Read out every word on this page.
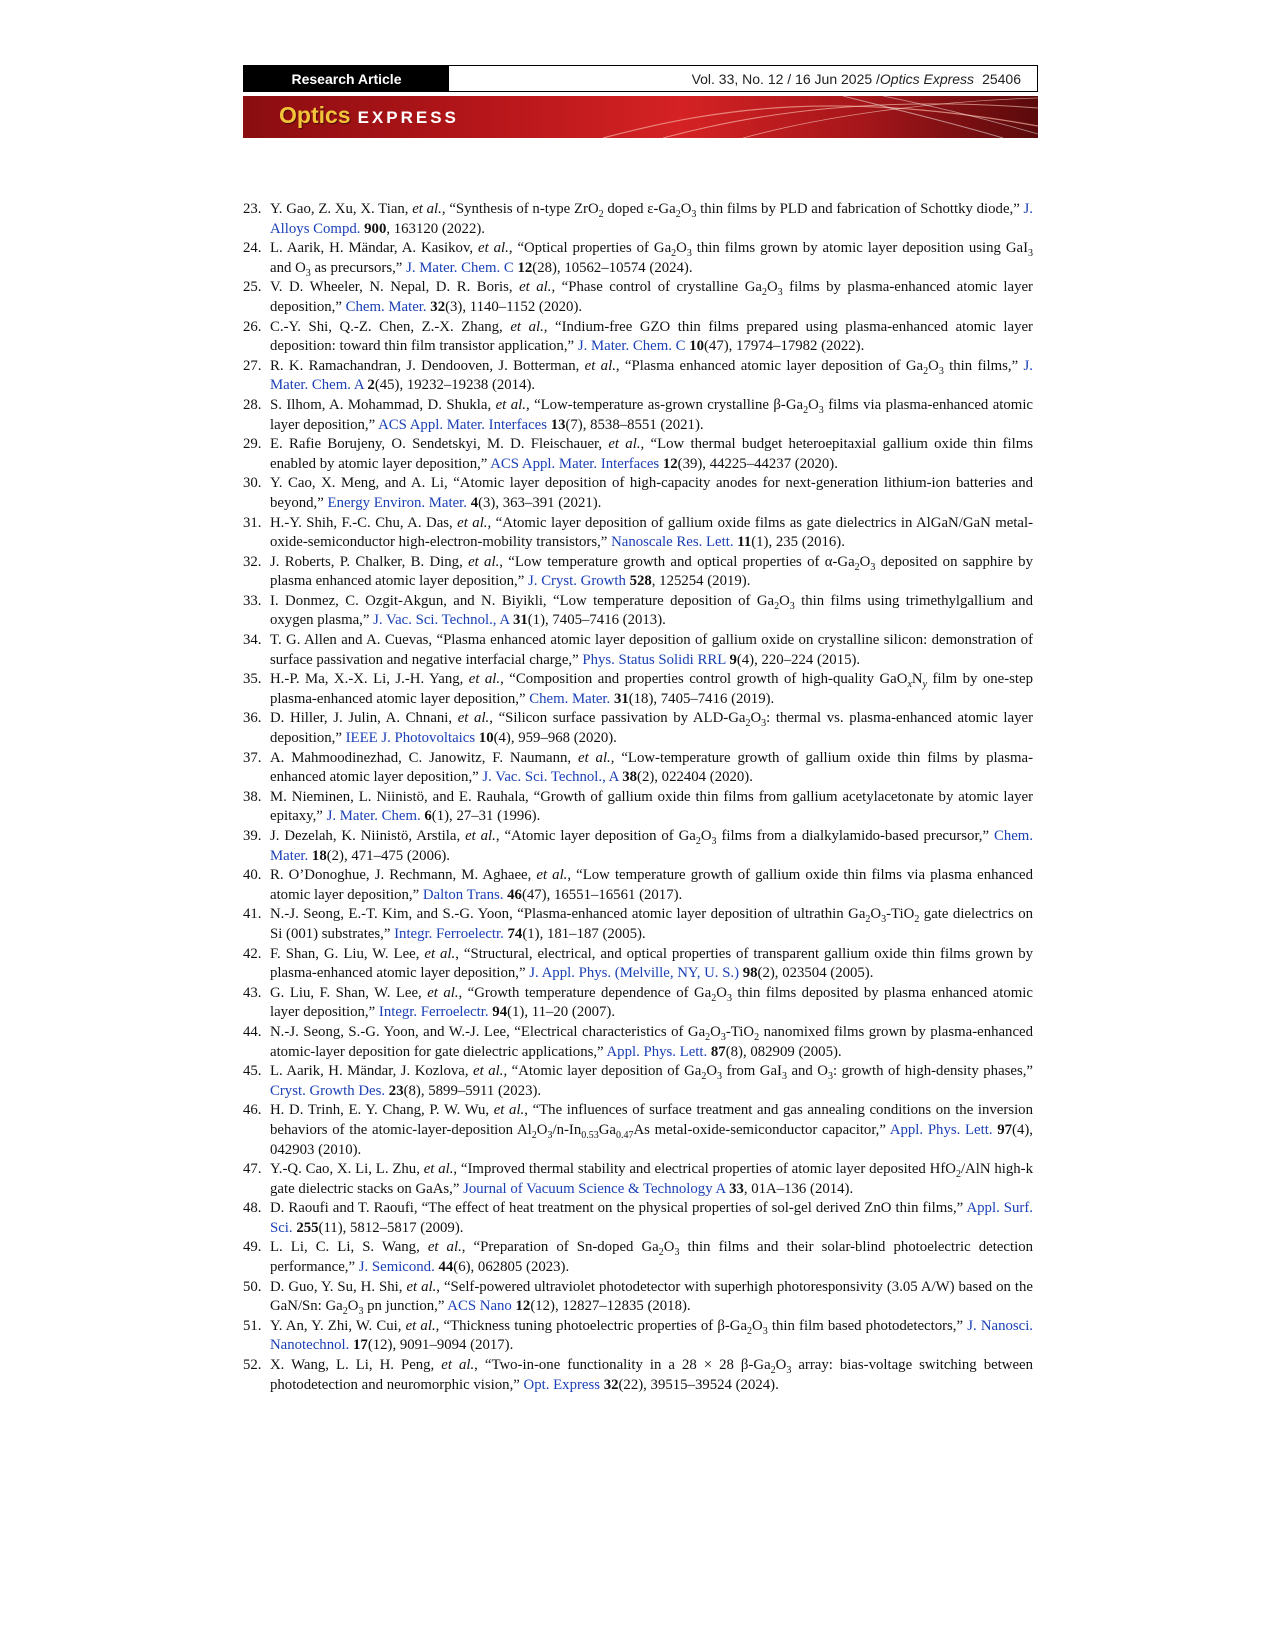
Research Article	Vol. 33, No. 12 / 16 Jun 2025 / Optics Express 25406
Optics EXPRESS
23. Y. Gao, Z. Xu, X. Tian, et al., “Synthesis of n-type ZrO$_2$ doped $\varepsilon-Ga_2O_3$ thin films by PLD and fabrication of Schottky diode,” J. Alloys Compd. 900, 163120 (2022).
24. L. Aarik, H. Mändar, A. Kasikov, et al., “Optical properties of $Ga_2O_3$ thin films grown by atomic layer deposition using GaI$_3$ and $O_3$ as precursors,” J. Mater. Chem. C 12(28), 10562–10574 (2024).
25. V. D. Wheeler, N. Nepal, D. R. Boris, et al., “Phase control of crystalline $Ga_2O_3$ films by plasma-enhanced atomic layer deposition,” Chem. Mater. 32(3), 1140–1152 (2020).
26. C.-Y. Shi, Q.-Z. Chen, Z.-X. Zhang, et al., “Indium-free GZO thin films prepared using plasma-enhanced atomic layer deposition: toward thin film transistor application,” J. Mater. Chem. C 10(47), 17974–17982 (2022).
27. R. K. Ramachandran, J. Dendooven, J. Botterman, et al., “Plasma enhanced atomic layer deposition of $Ga_2O_3$ thin films,” J. Mater. Chem. A 2(45), 19232–19238 (2014).
28. S. Ilhom, A. Mohammad, D. Shukla, et al., “Low-temperature as-grown crystalline $\beta-Ga_2O_3$ films via plasma-enhanced atomic layer deposition,” ACS Appl. Mater. Interfaces 13(7), 8538–8551 (2021).
29. E. Rafie Borujeny, O. Sendetskyi, M. D. Fleischauer, et al., “Low thermal budget heteroepitaxial gallium oxide thin films enabled by atomic layer deposition,” ACS Appl. Mater. Interfaces 12(39), 44225–44237 (2020).
30. Y. Cao, X. Meng, and A. Li, “Atomic layer deposition of high-capacity anodes for next-generation lithium-ion batteries and beyond,” Energy Environ. Mater. 4(3), 363–391 (2021).
31. H.-Y. Shih, F.-C. Chu, A. Das, et al., “Atomic layer deposition of gallium oxide films as gate dielectrics in AlGaN/GaN metal-oxide-semiconductor high-electron-mobility transistors,” Nanoscale Res. Lett. 11(1), 235 (2016).
32. J. Roberts, P. Chalker, B. Ding, et al., “Low temperature growth and optical properties of $\alpha-Ga_2O_3$ deposited on sapphire by plasma enhanced atomic layer deposition,” J. Cryst. Growth 528, 125254 (2019).
33. I. Donmez, C. Ozgit-Akgun, and N. Biyikli, “Low temperature deposition of $Ga_2O_3$ thin films using trimethylgallium and oxygen plasma,” J. Vac. Sci. Technol., A 31(1), 7405–7416 (2013).
34. T. G. Allen and A. Cuevas, “Plasma enhanced atomic layer deposition of gallium oxide on crystalline silicon: demonstration of surface passivation and negative interfacial charge,” Phys. Status Solidi RRL 9(4), 220–224 (2015).
35. H.-P. Ma, X.-X. Li, J.-H. Yang, et al., “Composition and properties control growth of high-quality $GaO_xN_y$ film by one-step plasma-enhanced atomic layer deposition,” Chem. Mater. 31(18), 7405–7416 (2019).
36. D. Hiller, J. Julin, A. Chnani, et al., “Silicon surface passivation by ALD-$Ga_2O_3$: thermal vs. plasma-enhanced atomic layer deposition,” IEEE J. Photovoltaics 10(4), 959–968 (2020).
37. A. Mahmoodinezhad, C. Janowitz, F. Naumann, et al., “Low-temperature growth of gallium oxide thin films by plasma-enhanced atomic layer deposition,” J. Vac. Sci. Technol., A 38(2), 022404 (2020).
38. M. Nieminen, L. Niinistö, and E. Rauhala, “Growth of gallium oxide thin films from gallium acetylacetonate by atomic layer epitaxy,” J. Mater. Chem. 6(1), 27–31 (1996).
39. J. Dezelah, K. Niinistö, Arstila, et al., “Atomic layer deposition of $Ga_2O_3$ films from a dialkylamido-based precursor,” Chem. Mater. 18(2), 471–475 (2006).
40. R. O’Donoghue, J. Rechmann, M. Aghaee, et al., “Low temperature growth of gallium oxide thin films via plasma enhanced atomic layer deposition,” Dalton Trans. 46(47), 16551–16561 (2017).
41. N.-J. Seong, E.-T. Kim, and S.-G. Yoon, “Plasma-enhanced atomic layer deposition of ultrathin $Ga_2O_3-TiO_2$ gate dielectrics on Si (001) substrates,” Integr. Ferroelectr. 74(1), 181–187 (2005).
42. F. Shan, G. Liu, W. Lee, et al., “Structural, electrical, and optical properties of transparent gallium oxide thin films grown by plasma-enhanced atomic layer deposition,” J. Appl. Phys. (Melville, NY, U. S.) 98(2), 023504 (2005).
43. G. Liu, F. Shan, W. Lee, et al., “Growth temperature dependence of $Ga_2O_3$ thin films deposited by plasma enhanced atomic layer deposition,” Integr. Ferroelectr. 94(1), 11–20 (2007).
44. N.-J. Seong, S.-G. Yoon, and W.-J. Lee, “Electrical characteristics of $Ga_2O_3-TiO_2$ nanomixed films grown by plasma-enhanced atomic-layer deposition for gate dielectric applications,” Appl. Phys. Lett. 87(8), 082909 (2005).
45. L. Aarik, H. Mändar, J. Kozlova, et al., “Atomic layer deposition of $Ga_2O_3$ from GaI$_3$ and $O_3$: growth of high-density phases,” Cryst. Growth Des. 23(8), 5899–5911 (2023).
46. H. D. Trinh, E. Y. Chang, P. W. Wu, et al., “The influences of surface treatment and gas annealing conditions on the inversion behaviors of the atomic-layer-deposition $Al_2O_3/n-In_{0.53}Ga_{0.47}As$ metal-oxide-semiconductor capacitor,” Appl. Phys. Lett. 97(4), 042903 (2010).
47. Y.-Q. Cao, X. Li, L. Zhu, et al., “Improved thermal stability and electrical properties of atomic layer deposited HfO$_2$/AlN high-k gate dielectric stacks on GaAs,” Journal of Vacuum Science & Technology A 33, 01A–136 (2014).
48. D. Raoufi and T. Raoufi, “The effect of heat treatment on the physical properties of sol-gel derived ZnO thin films,” Appl. Surf. Sci. 255(11), 5812–5817 (2009).
49. L. Li, C. Li, S. Wang, et al., “Preparation of Sn-doped $Ga_2O_3$ thin films and their solar-blind photoelectric detection performance,” J. Semicond. 44(6), 062805 (2023).
50. D. Guo, Y. Su, H. Shi, et al., “Self-powered ultraviolet photodetector with superhigh photoresponsivity (3.05 A/W) based on the GaN/Sn: $Ga_2O_3$ pn junction,” ACS Nano 12(12), 12827–12835 (2018).
51. Y. An, Y. Zhi, W. Cui, et al., “Thickness tuning photoelectric properties of $\beta-Ga_2O_3$ thin film based photodetectors,” J. Nanosci. Nanotechnol. 17(12), 9091–9094 (2017).
52. X. Wang, L. Li, H. Peng, et al., “Two-in-one functionality in a 28 × 28 $\beta-Ga_2O_3$ array: bias-voltage switching between photodetection and neuromorphic vision,” Opt. Express 32(22), 39515–39524 (2024).
